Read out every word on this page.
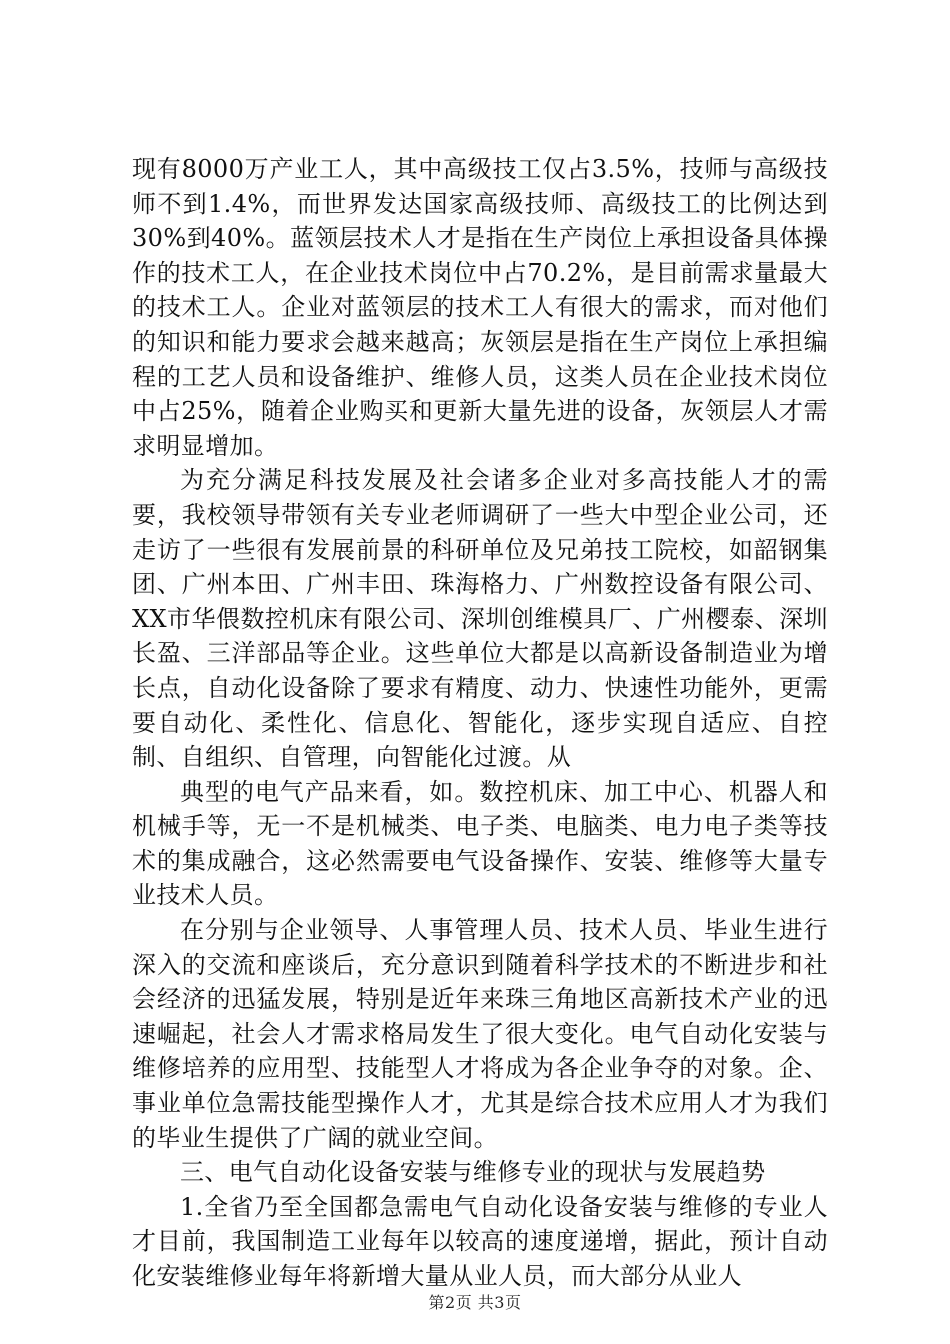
现有8000万产业工人，其中高级技工仅占3.5%，技师与高级技师不到1.4%，而世界发达国家高级技师、高级技工的比例达到30%到40%。蓝领层技术人才是指在生产岗位上承担设备具体操作的技术工人，在企业技术岗位中占70.2%，是目前需求量最大的技术工人。企业对蓝领层的技术工人有很大的需求，而对他们的知识和能力要求会越来越高；灰领层是指在生产岗位上承担编程的工艺人员和设备维护、维修人员，这类人员在企业技术岗位中占25%，随着企业购买和更新大量先进的设备，灰领层人才需求明显增加。

为充分满足科技发展及社会诸多企业对多高技能人才的需要，我校领导带领有关专业老师调研了一些大中型企业公司，还走访了一些很有发展前景的科研单位及兄弟技工院校，如韶钢集团、广州本田、广州丰田、珠海格力、广州数控设备有限公司、XX市华偎数控机床有限公司、深圳创维模具厂、广州樱泰、深圳长盈、三洋部品等企业。这些单位大都是以高新设备制造业为增长点，自动化设备除了要求有精度、动力、快速性功能外，更需要自动化、柔性化、信息化、智能化，逐步实现自适应、自控制、自组织、自管理，向智能化过渡。从

典型的电气产品来看，如。数控机床、加工中心、机器人和机械手等，无一不是机械类、电子类、电脑类、电力电子类等技术的集成融合，这必然需要电气设备操作、安装、维修等大量专业技术人员。

在分别与企业领导、人事管理人员、技术人员、毕业生进行深入的交流和座谈后，充分意识到随着科学技术的不断进步和社会经济的迅猛发展，特别是近年来珠三角地区高新技术产业的迅速崛起，社会人才需求格局发生了很大变化。电气自动化安装与维修培养的应用型、技能型人才将成为各企业争夺的对象。企、事业单位急需技能型操作人才，尤其是综合技术应用人才为我们的毕业生提供了广阔的就业空间。

三、电气自动化设备安装与维修专业的现状与发展趋势

1.全省乃至全国都急需电气自动化设备安装与维修的专业人才目前，我国制造工业每年以较高的速度递增，据此，预计自动化安装维修业每年将新增大量从业人员，而大部分从业人

第2页 共3页
